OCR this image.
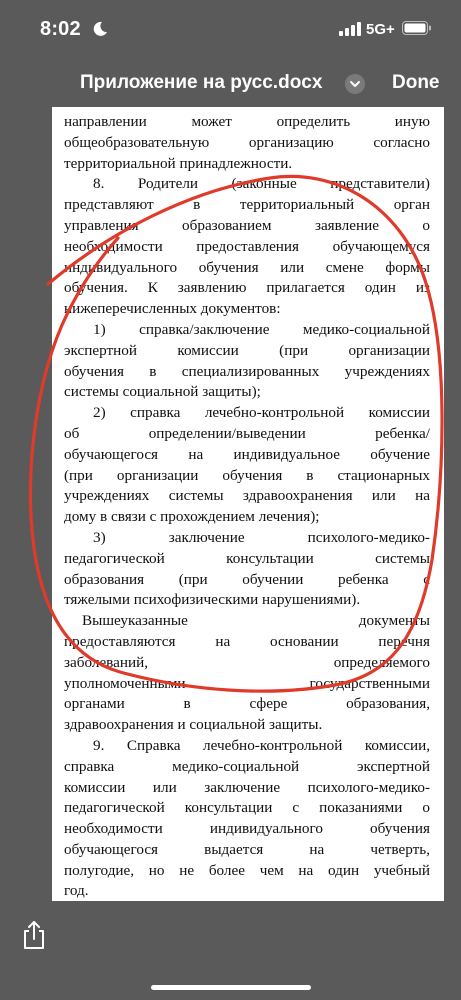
8:02	5G+
Приложение на русс.docx	Done
направлении может определить иную
общеобразовательную организацию согласно
территориальной принадлежности.
8. Родители (законные представители)
представляют в территориальный орган
управления образованием заявление о
необходимости предоставления обучающемуся
индивидуального обучения или смене формы
обучения. К заявлению прилагается один из
нижеперечисленных документов:
1) справка/заключение медико-социальной
экспертной комиссии (при организации
обучения в специализированных учреждениях
системы социальной защиты);
2) справка лечебно-контрольной комиссии
об определении/выведении ребенка/
обучающегося на индивидуальное обучение
(при организации обучения в стационарных
учреждениях системы здравоохранения или на
дому в связи с прохождением лечения);
3) заключение психолого-медико-
педагогической консультации системы
образования (при обучении ребенка с
тяжелыми психофизическими нарушениями).
Вышеуказанные документы
предоставляются на основании перечня
заболеваний, определяемого
уполномоченными государственными
органами в сфере образования,
здравоохранения и социальной защиты.
9. Справка лечебно-контрольной комиссии,
справка медико-социальной экспертной
комиссии или заключение психолого-медико-
педагогической консультации с показаниями о
необходимости индивидуального обучения
обучающегося выдается на четверть,
полугодие, но не более чем на один учебный
год.
